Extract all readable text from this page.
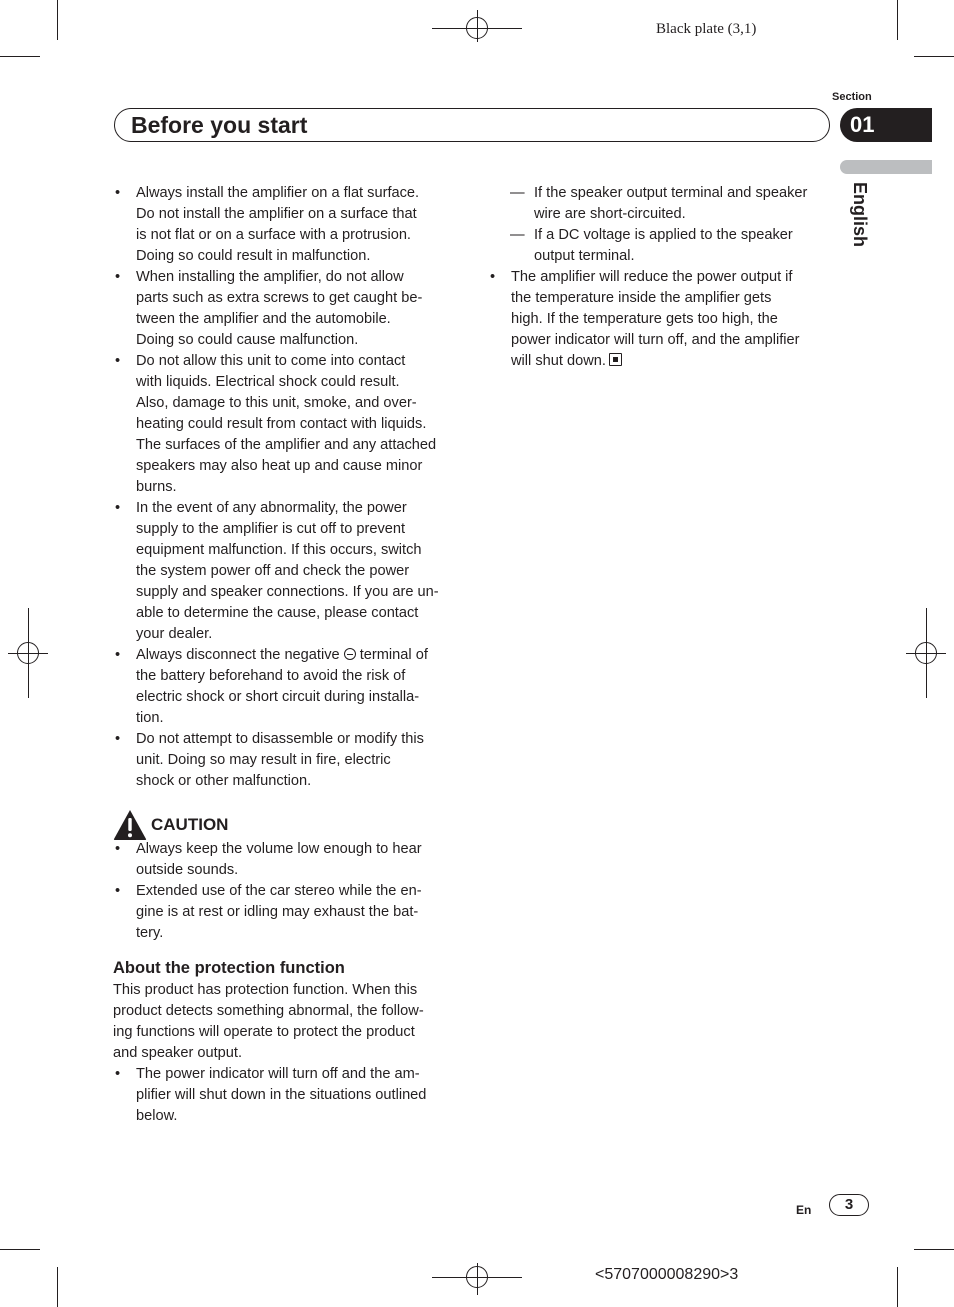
Black plate (3,1)
Section
Before you start	01
English
• Always install the amplifier on a flat surface.
Do not install the amplifier on a surface that
is not flat or on a surface with a protrusion.
Doing so could result in malfunction.
• When installing the amplifier, do not allow
parts such as extra screws to get caught be-
tween the amplifier and the automobile.
Doing so could cause malfunction.
• Do not allow this unit to come into contact
with liquids. Electrical shock could result.
Also, damage to this unit, smoke, and over-
heating could result from contact with liquids.
The surfaces of the amplifier and any attached
speakers may also heat up and cause minor
burns.
• In the event of any abnormality, the power
supply to the amplifier is cut off to prevent
equipment malfunction. If this occurs, switch
the system power off and check the power
supply and speaker connections. If you are un-
able to determine the cause, please contact
your dealer.
• Always disconnect the negative  terminal of
the battery beforehand to avoid the risk of
electric shock or short circuit during installa-
tion.
• Do not attempt to disassemble or modify this
unit. Doing so may result in fire, electric
shock or other malfunction.
CAUTION
• Always keep the volume low enough to hear
outside sounds.
• Extended use of the car stereo while the en-
gine is at rest or idling may exhaust the bat-
tery.
About the protection function
This product has protection function. When this
product detects something abnormal, the follow-
ing functions will operate to protect the product
and speaker output.
• The power indicator will turn off and the am-
plifier will shut down in the situations outlined
below.
— If the speaker output terminal and speaker
wire are short-circuited.
— If a DC voltage is applied to the speaker
output terminal.
• The amplifier will reduce the power output if
the temperature inside the amplifier gets
high. If the temperature gets too high, the
power indicator will turn off, and the amplifier
will shut down.
En	3
<5707000008290>3
